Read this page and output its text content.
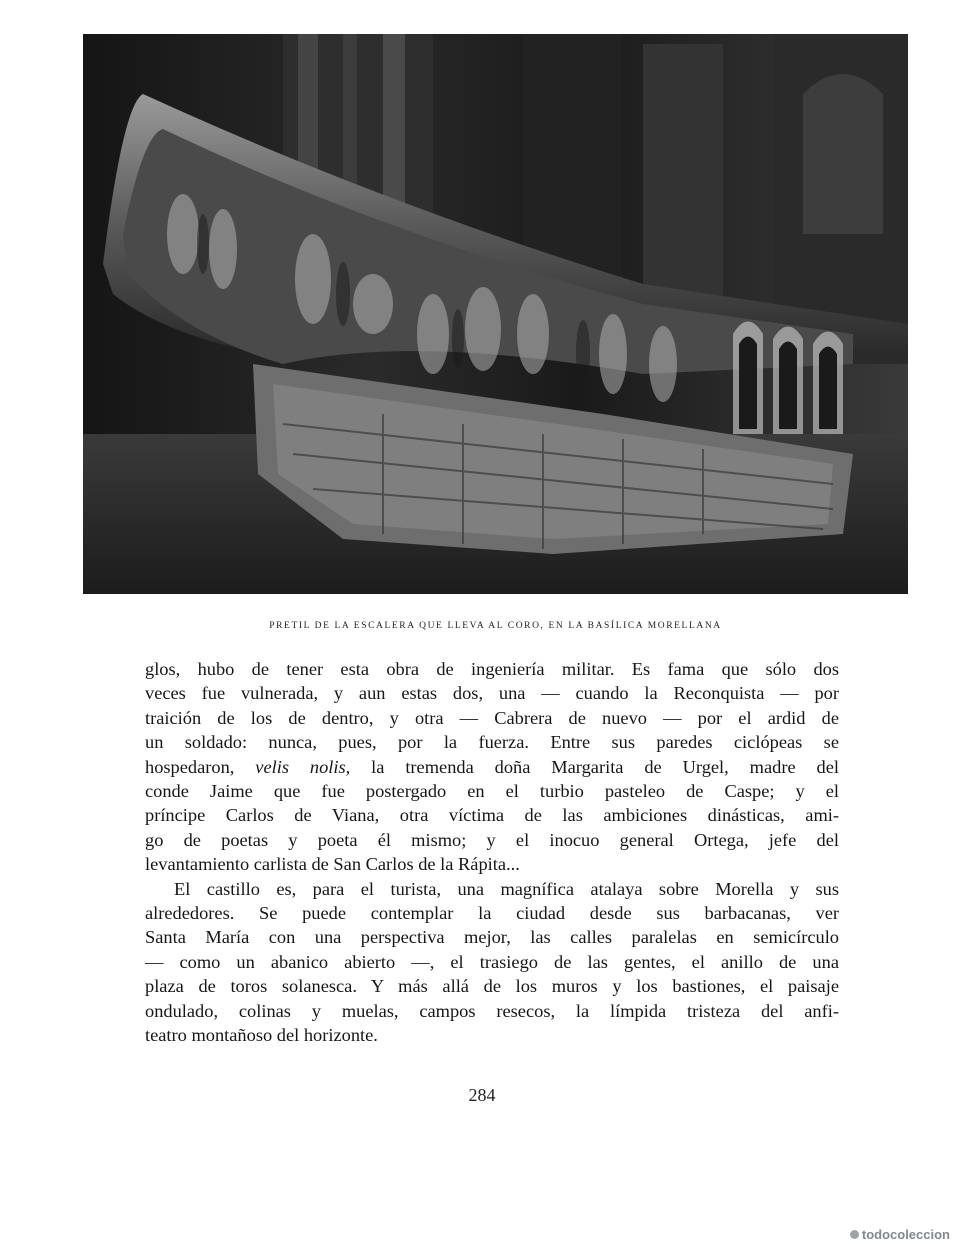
PRETIL DE LA ESCALERA QUE LLEVA AL CORO, EN LA BASÍLICA MORELLANA

glos, hubo de tener esta obra de ingeniería militar. Es fama que sólo dos
veces fue vulnerada, y aun estas dos, una — cuando la Reconquista — por
traición de los de dentro, y otra — Cabrera de nuevo — por el ardid de
un soldado: nunca, pues, por la fuerza. Entre sus paredes ciclópeas se
hospedaron, velis nolis, la tremenda doña Margarita de Urgel, madre del
conde Jaime que fue postergado en el turbio pasteleo de Caspe; y el
príncipe Carlos de Viana, otra víctima de las ambiciones dinásticas, ami-
go de poetas y poeta él mismo; y el inocuo general Ortega, jefe del
levantamiento carlista de San Carlos de la Rápita...

El castillo es, para el turista, una magnífica atalaya sobre Morella y sus
alrededores. Se puede contemplar la ciudad desde sus barbacanas, ver
Santa María con una perspectiva mejor, las calles paralelas en semicírculo
— como un abanico abierto —, el trasiego de las gentes, el anillo de una
plaza de toros solanesca. Y más allá de los muros y los bastiones, el paisaje
ondulado, colinas y muelas, campos resecos, la límpida tristeza del anfi-
teatro montañoso del horizonte.

284
todocoleccion
